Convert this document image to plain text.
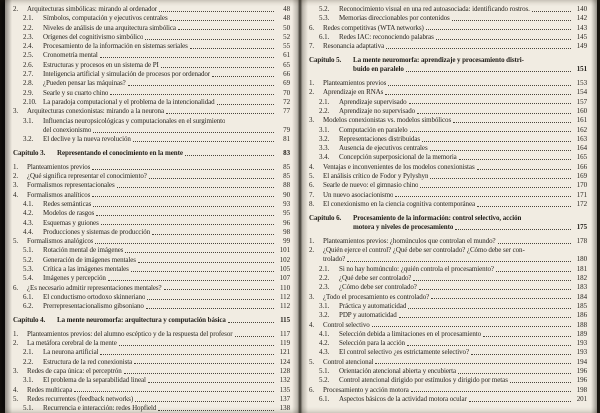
2.	Arquitecturas simbólicas: mirando al ordenador	48
2.1.	Símbolos, computación y ejecutivos centrales	48
2.2.	Niveles de análisis de una arquitectura simbólica	50
2.3.	Orígenes del cognitivismo simbólico	52
2.4.	Procesamiento de la información en sistemas seriales	55
2.5.	Cronometría mental	61
2.6.	Estructuras y procesos en un sistema de PI	65
2.7.	Inteligencia artificial y simulación de procesos por ordenador	66
2.8.	¿Pueden pensar las máquinas?	69
2.9.	Searle y su cuarto chino	70
2.10. La paradoja computacional y el problema de la intencionalidad	72
3.	Arquitecturas conexionistas: mirando a la neurona	77
3.1.	Influencias neuropsicológicas y computacionales en el surgimiento
del conexionismo	79
3.2.	El declive y la nueva revolución	81
Capítulo 3.	Representando el conocimiento en la mente	83
1.	Planteamientos previos	85
2.	¿Qué significa representar el conocimiento?	85
3.	Formalismos representacionales	88
4.	Formalismos analíticos	90
4.1.	Redes semánticas	93
4.2.	Modelos de rasgos	95
4.3.	Esquemas y guiones	96
4.4.	Producciones y sistemas de producción	98
5.	Formalismos analógicos	99
5.1.	Rotación mental de imágenes	101
5.2.	Generación de imágenes mentales	102
5.3.	Crítica a las imágenes mentales	105
5.4.	Imágenes y percepción	107
6.	¿Es necesario admitir representaciones mentales?	110
6.1.	El conductismo ortodoxo skinneriano	112
6.2.	Prerrepresentacionalismo gibsoniano	112
Capítulo 4.	La mente neuromorfa: arquitectura y computación básica	115
1.	Planteamientos previos: del alumno escéptico y de la respuesta del profesor	117
2.	La metáfora cerebral de la mente	119
2.1.	La neurona artificial	121
2.2.	Estructura de la red conexionista	124
3.	Redes de capa única: el perceptrón	128
3.1.	El problema de la separabilidad lineal	132
4.	Redes multicapa	135
5.	Redes recurrentes (feedback networks)	137
5.1.	Recurrencia e interacción: redes Hopfield	138
5.2.	Reconocimiento visual en una red autoasociada: identificando rostros.	140
5.3.	Memorias direccionables por contenidos	142
6.	Redes competitivas (WTA networks)	143
6.1.	Redes IAC: reconociendo palabras	145
7.	Resonancia adaptativa	149
Capítulo 5.	La mente neuromorfa: aprendizaje y procesamiento distri-
buido en paralelo	151
1.	Planteamientos previos	153
2.	Aprendizaje en RNAs	154
2.1.	Aprendizaje supervisado	157
2.2.	Aprendizaje no supervisado	160
3.	Modelos conexionistas vs. modelos simbólicos	161
3.1.	Computación en paralelo	162
3.2.	Representaciones distribuidas	163
3.3.	Ausencia de ejecutivos centrales	164
3.4.	Concepción superposicional de la memoria	165
4.	Ventajas e inconvenientes de los modelos conexionistas	166
5.	El análisis crítico de Fodor y Pylyshyn	169
6.	Searle de nuevo: el gimnasio chino	170
7.	Un nuevo asociacionismo	171
8.	El conexionismo en la ciencia cognitiva contemporánea	172
Capítulo 6.	Procesamiento de la información: control selectivo, acción
motora y niveles de procesamiento	175
1.	Planteamientos previos: ¿homúnculos que controlan el mundo?	178
2.	¿Quién ejerce el control? ¿Qué debe ser controlado? ¿Cómo debe ser con-
trolado?	180
2.1.	Si no hay homúnculo: ¿quién controla el procesamiento?	181
2.2.	¿Qué debe ser controlado?	182
2.3.	¿Cómo debe ser controlado?	183
3.	¿Todo el procesamiento es controlado?	184
3.1.	Práctica y automaticidad	185
3.2.	PDP y automaticidad	186
4.	Control selectivo	188
4.1.	Selección debida a limitaciones en el procesamiento	189
4.2.	Selección para la acción	193
4.3.	El control selectivo ¿es estrictamente selectivo?	193
5.	Control atencional	194
5.1.	Orientación atencional abierta y encubierta	196
5.2.	Control atencional dirigido por estímulos y dirigido por metas	196
6.	Procesamiento y acción motora	198
6.1.	Aspectos básicos de la actividad motora ocular	201
